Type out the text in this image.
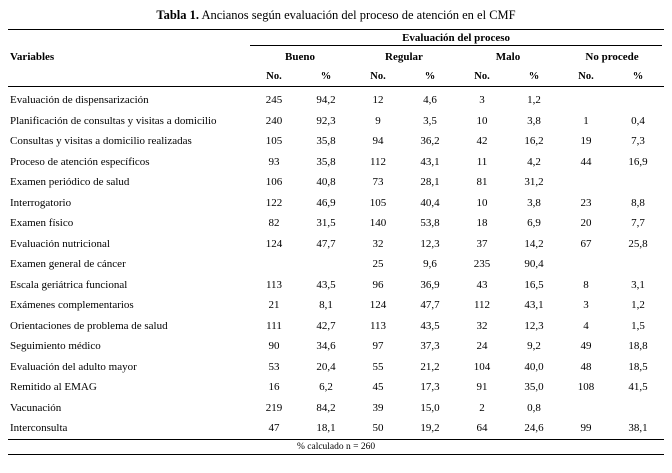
Tabla 1. Ancianos según evaluación del proceso de atención en el CMF

	Evaluación del proceso							

Variables	Bueno		Regular		Malo		No procede	
	No.	%	No.	%	No.	%	No.	%

Evaluación de dispensarización	245	94,2	12	4,6	3	1,2		
Planificación de consultas y visitas a domicilio	240	92,3	9	3,5	10	3,8	1	0,4
Consultas y visitas a domicilio realizadas	105	35,8	94	36,2	42	16,2	19	7,3
Proceso de atención específicos	93	35,8	112	43,1	11	4,2	44	16,9
Examen periódico de salud	106	40,8	73	28,1	81	31,2		
Interrogatorio	122	46,9	105	40,4	10	3,8	23	8,8
Examen físico	82	31,5	140	53,8	18	6,9	20	7,7
Evaluación nutricional	124	47,7	32	12,3	37	14,2	67	25,8
Examen general de cáncer			25	9,6	235	90,4		
Escala geriátrica funcional	113	43,5	96	36,9	43	16,5	8	3,1
Exámenes complementarios	21	8,1	124	47,7	112	43,1	3	1,2
Orientaciones de problema de salud	111	42,7	113	43,5	32	12,3	4	1,5
Seguimiento médico	90	34,6	97	37,3	24	9,2	49	18,8
Evaluación del adulto mayor	53	20,4	55	21,2	104	40,0	48	18,5
Remitido al EMAG	16	6,2	45	17,3	91	35,0	108	41,5
Vacunación	219	84,2	39	15,0	2	0,8		
Interconsulta	47	18,1	50	19,2	64	24,6	99	38,1
% calculado n = 260								
